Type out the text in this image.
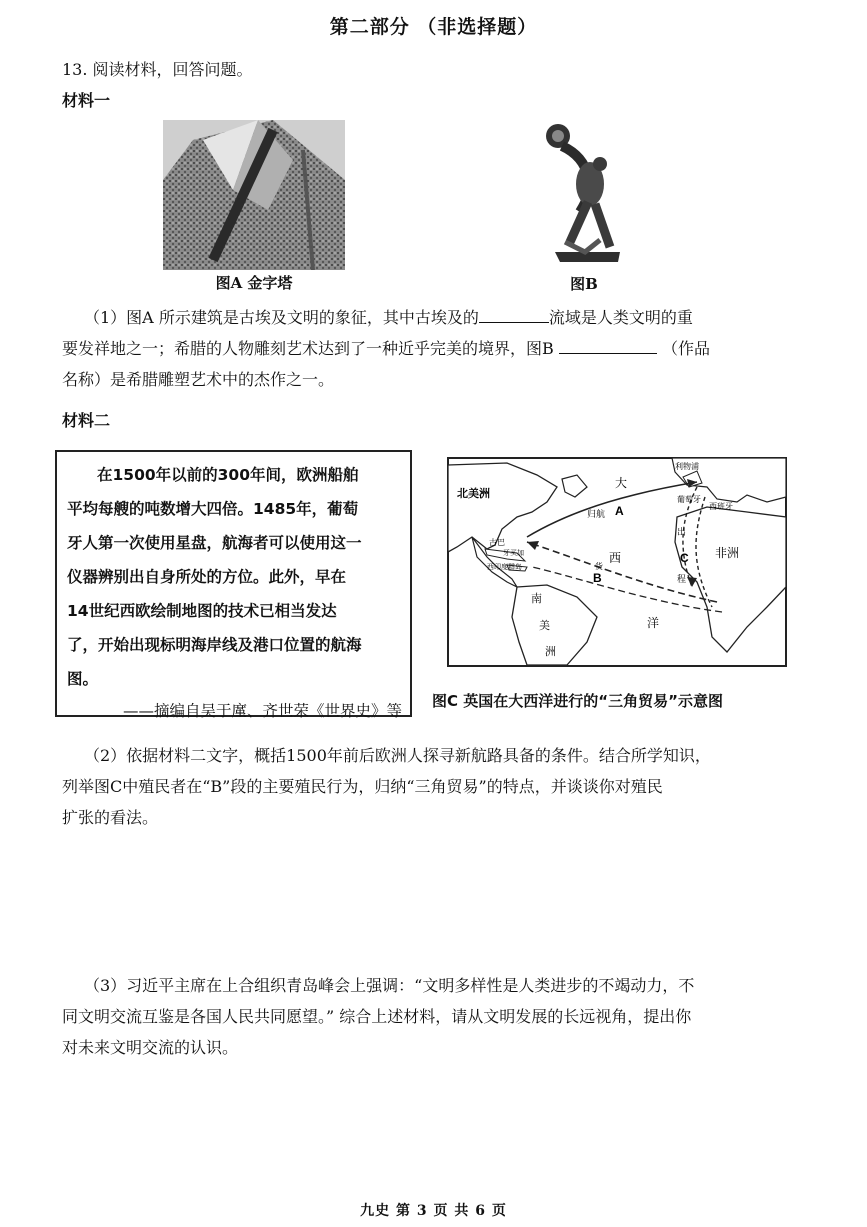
第二部分 （非选择题）
13. 阅读材料，回答问题。
材料一
图A 金字塔	图B
（1）图A 所示建筑是古埃及文明的象征，其中古埃及的	流域是人类文明的重
要发祥地之一；希腊的人物雕刻艺术达到了一种近乎完美的境界，图B	（作品
名称）是希腊雕塑艺术中的杰作之一。
材料二
在1500年以前的300年间，欧洲船舶
平均每艘的吨数增大四倍。1485年，葡萄
牙人第一次使用星盘，航海者可以使用这一
仪器辨别出自身所处的方位。此外，早在
14世纪西欧绘制地图的技术已相当发达
了，开始出现标明海岸线及港口位置的航海
图。
——摘编自吴于廑、齐世荣《世界史》等
北美洲
大
西
洋
南
美
洲
非洲
A
B
C
归航
出
程
利物浦
葡萄牙
西班牙
古巴
牙买加
西印度群岛	货
图C 英国在大西洋进行的“三角贸易”示意图
（2）依据材料二文字，概括1500年前后欧洲人探寻新航路具备的条件。结合所学知识，
列举图C中殖民者在“B”段的主要殖民行为，归纳“三角贸易”的特点，并谈谈你对殖民
扩张的看法。
（3）习近平主席在上合组织青岛峰会上强调：“文明多样性是人类进步的不竭动力，不
同文明交流互鉴是各国人民共同愿望。” 综合上述材料，请从文明发展的长远视角，提出你
对未来文明交流的认识。
九史 第 3 页 共 6 页
